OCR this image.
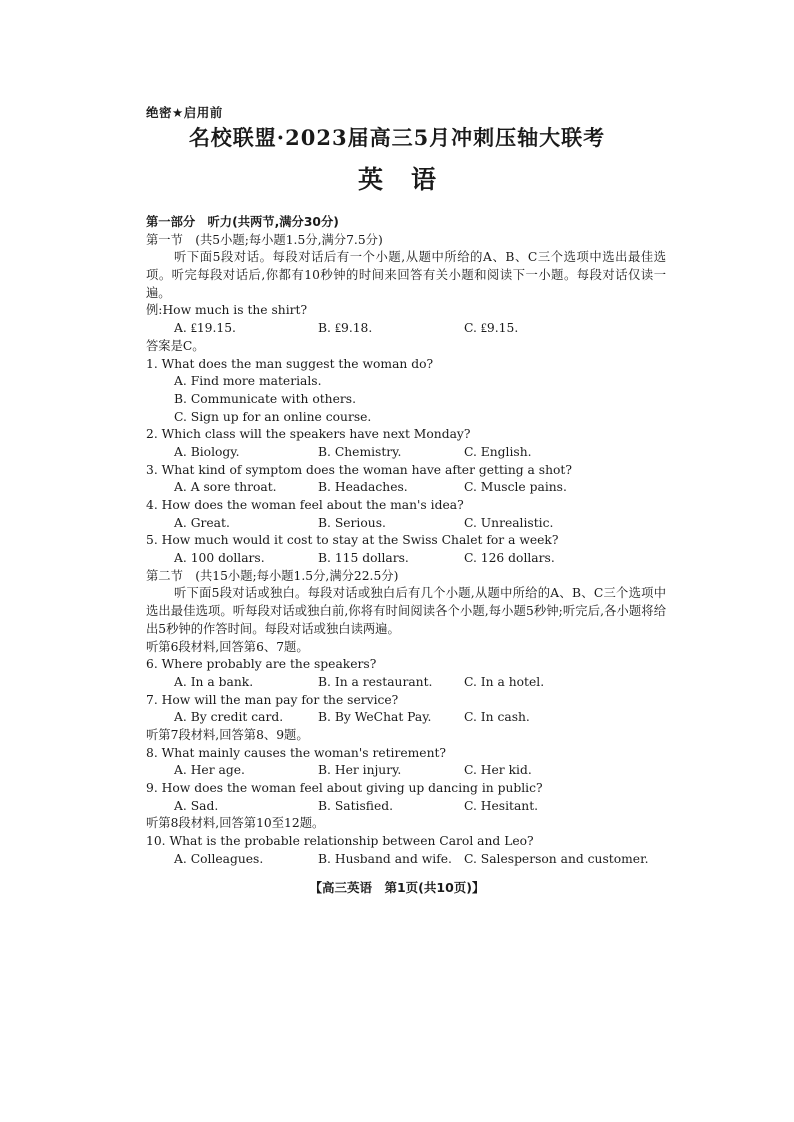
绝密★启用前
名校联盟·2023届高三5月冲刺压轴大联考
英语
第一部分　听力(共两节,满分30分)
第一节　(共5小题;每小题1.5分,满分7.5分)
听下面5段对话。每段对话后有一个小题,从题中所给的A、B、C三个选项中选出最佳选项。听完每段对话后,你都有10秒钟的时间来回答有关小题和阅读下一小题。每段对话仅读一遍。
例:How much is the shirt?
A. ₤19.15.	B. ₤9.18.	C. ₤9.15.
答案是C。
1. What does the man suggest the woman do?
A. Find more materials.
B. Communicate with others.
C. Sign up for an online course.
2. Which class will the speakers have next Monday?
A. Biology.	B. Chemistry.	C. English.
3. What kind of symptom does the woman have after getting a shot?
A. A sore throat.	B. Headaches.	C. Muscle pains.
4. How does the woman feel about the man's idea?
A. Great.	B. Serious.	C. Unrealistic.
5. How much would it cost to stay at the Swiss Chalet for a week?
A. 100 dollars.	B. 115 dollars.	C. 126 dollars.
第二节　(共15小题;每小题1.5分,满分22.5分)
听下面5段对话或独白。每段对话或独白后有几个小题,从题中所给的A、B、C三个选项中选出最佳选项。听每段对话或独白前,你将有时间阅读各个小题,每小题5秒钟;听完后,各小题将给出5秒钟的作答时间。每段对话或独白读两遍。
听第6段材料,回答第6、7题。
6. Where probably are the speakers?
A. In a bank.	B. In a restaurant.	C. In a hotel.
7. How will the man pay for the service?
A. By credit card.	B. By WeChat Pay.	C. In cash.
听第7段材料,回答第8、9题。
8. What mainly causes the woman's retirement?
A. Her age.	B. Her injury.	C. Her kid.
9. How does the woman feel about giving up dancing in public?
A. Sad.	B. Satisfied.	C. Hesitant.
听第8段材料,回答第10至12题。
10. What is the probable relationship between Carol and Leo?
A. Colleagues.	B. Husband and wife. C. Salesperson and customer.
【高三英语　第1页(共10页)】
